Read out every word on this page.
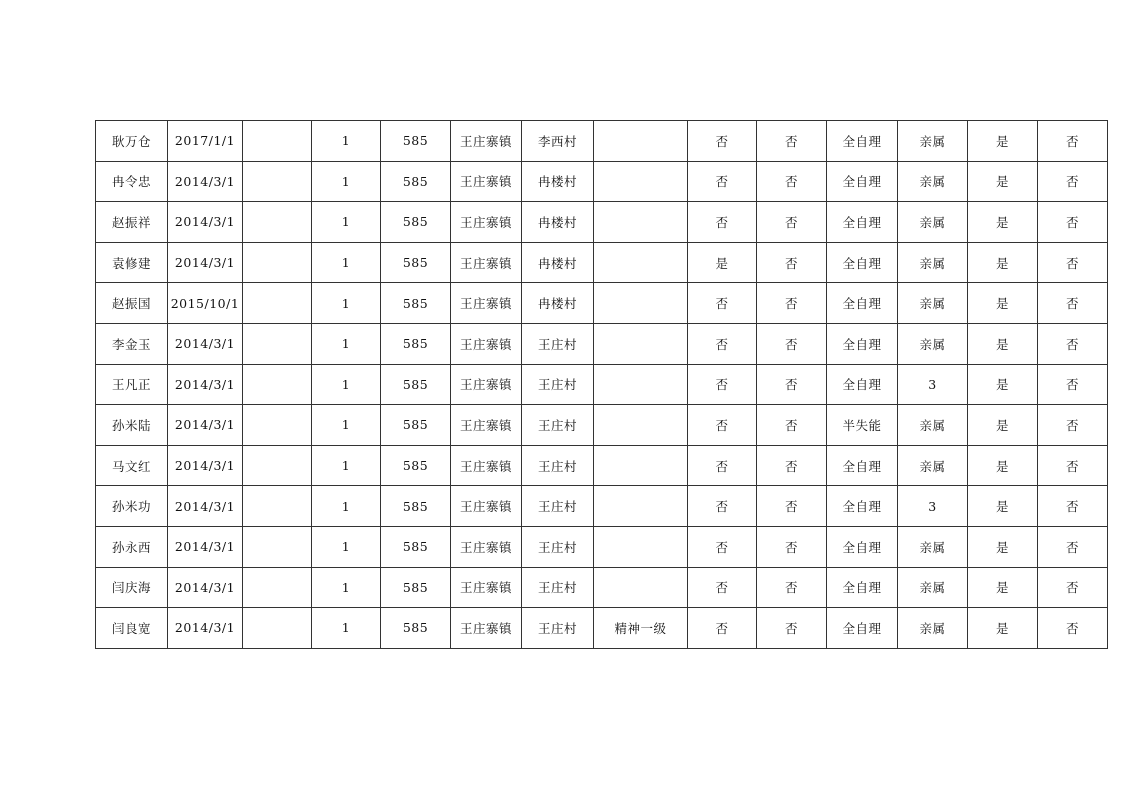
耿万仓	2017/1/1		1	585	王庄寨镇	李西村		否	否	全自理	亲属	是	否
冉令忠	2014/3/1		1	585	王庄寨镇	冉楼村		否	否	全自理	亲属	是	否
赵振祥	2014/3/1		1	585	王庄寨镇	冉楼村		否	否	全自理	亲属	是	否
袁修建	2014/3/1		1	585	王庄寨镇	冉楼村		是	否	全自理	亲属	是	否
赵振国	2015/10/1		1	585	王庄寨镇	冉楼村		否	否	全自理	亲属	是	否
李金玉	2014/3/1		1	585	王庄寨镇	王庄村		否	否	全自理	亲属	是	否
王凡正	2014/3/1		1	585	王庄寨镇	王庄村		否	否	全自理	3	是	否
孙米陆	2014/3/1		1	585	王庄寨镇	王庄村		否	否	半失能	亲属	是	否
马文红	2014/3/1		1	585	王庄寨镇	王庄村		否	否	全自理	亲属	是	否
孙米功	2014/3/1		1	585	王庄寨镇	王庄村		否	否	全自理	3	是	否
孙永西	2014/3/1		1	585	王庄寨镇	王庄村		否	否	全自理	亲属	是	否
闫庆海	2014/3/1		1	585	王庄寨镇	王庄村		否	否	全自理	亲属	是	否
闫良宽	2014/3/1		1	585	王庄寨镇	王庄村	精神一级	否	否	全自理	亲属	是	否
